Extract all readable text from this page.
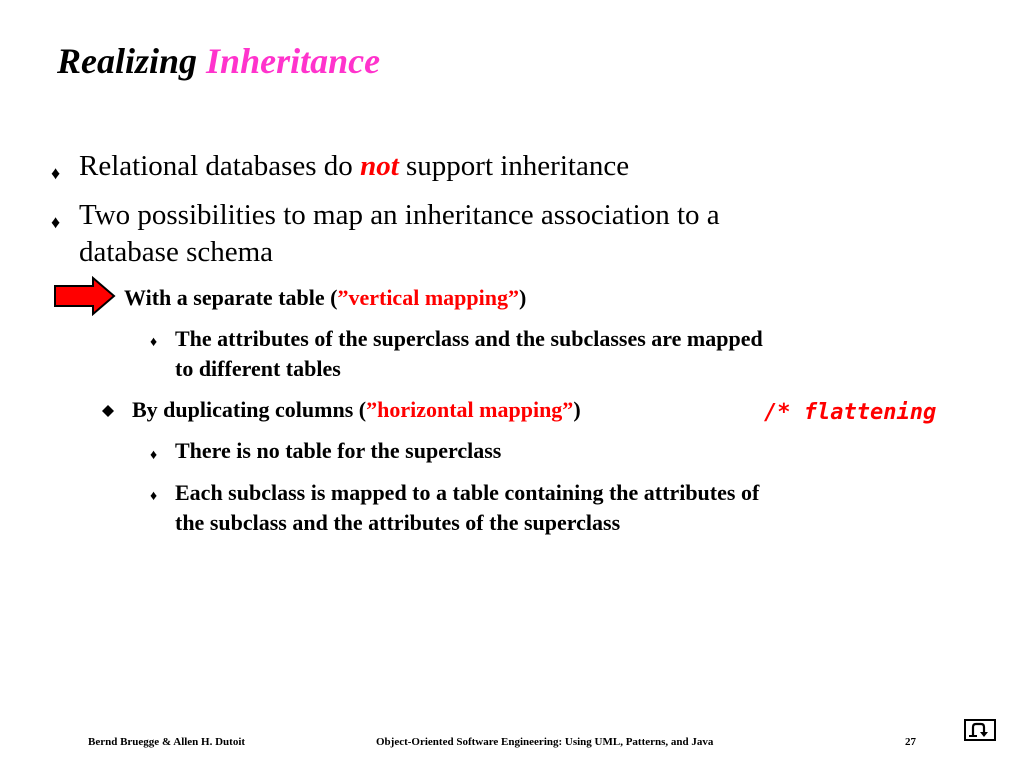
Realizing Inheritance
♦ Relational databases do not support inheritance
♦ Two possibilities to map an inheritance association to a
database schema
With a separate table (”vertical mapping”)
♦ The attributes of the superclass and the subclasses are mapped
to different tables
By duplicating columns (”horizontal mapping”)	/* flattening
♦ There is no table for the superclass
♦ Each subclass is mapped to a table containing the attributes of
the subclass and the attributes of the superclass
Bernd Bruegge & Allen H. Dutoit	Object-Oriented Software Engineering: Using UML, Patterns, and Java	27
